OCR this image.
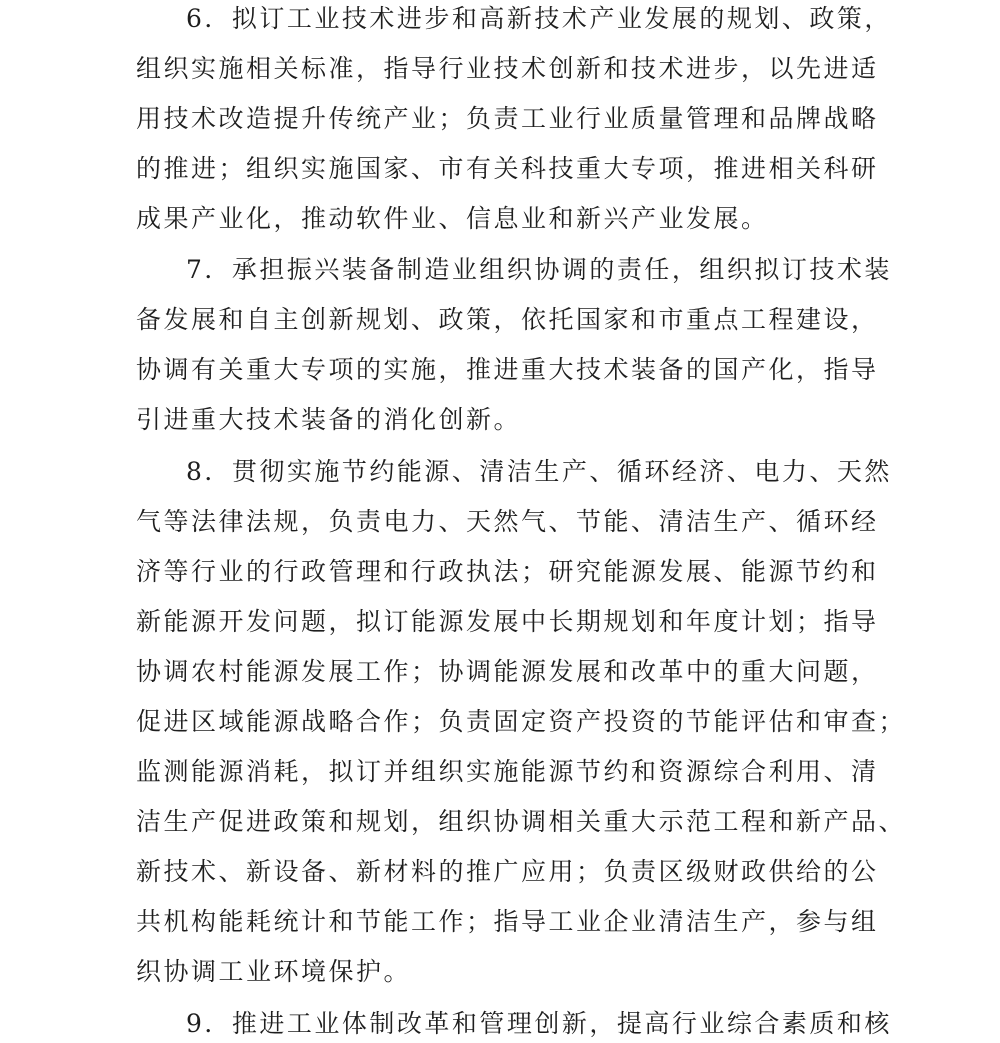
6．拟订工业技术进步和高新技术产业发展的规划、政策，
组织实施相关标准，指导行业技术创新和技术进步，以先进适
用技术改造提升传统产业；负责工业行业质量管理和品牌战略
的推进；组织实施国家、市有关科技重大专项，推进相关科研
成果产业化，推动软件业、信息业和新兴产业发展。
7．承担振兴装备制造业组织协调的责任，组织拟订技术装
备发展和自主创新规划、政策，依托国家和市重点工程建设，
协调有关重大专项的实施，推进重大技术装备的国产化，指导
引进重大技术装备的消化创新。
8．贯彻实施节约能源、清洁生产、循环经济、电力、天然
气等法律法规，负责电力、天然气、节能、清洁生产、循环经
济等行业的行政管理和行政执法；研究能源发展、能源节约和
新能源开发问题，拟订能源发展中长期规划和年度计划；指导
协调农村能源发展工作；协调能源发展和改革中的重大问题，
促进区域能源战略合作；负责固定资产投资的节能评估和审查；
监测能源消耗，拟订并组织实施能源节约和资源综合利用、清
洁生产促进政策和规划，组织协调相关重大示范工程和新产品、
新技术、新设备、新材料的推广应用；负责区级财政供给的公
共机构能耗统计和节能工作；指导工业企业清洁生产，参与组
织协调工业环境保护。
9．推进工业体制改革和管理创新，提高行业综合素质和核
